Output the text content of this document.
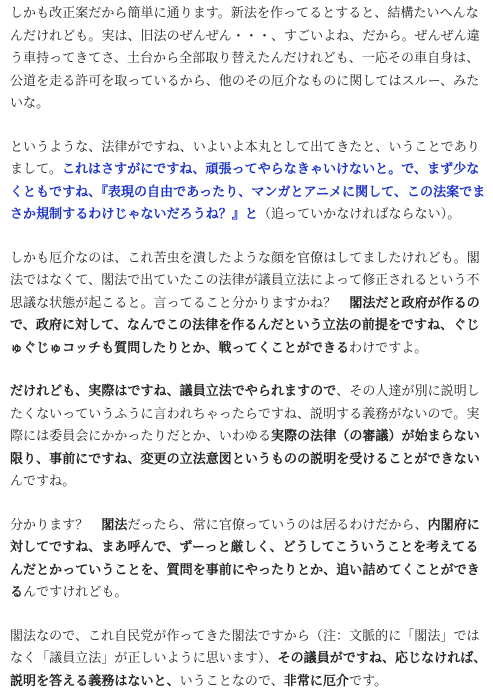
しかも改正案だから簡単に通ります。新法を作ってるとすると、結構たいへんなんだけれども。実は、旧法のぜんぜん・・・、すごいよね、だから。ぜんぜん違う車持ってきてさ、土台から全部取り替えたんだけれども、一応その車自身は、公道を走る許可を取っているから、他のその厄介なものに関してはスルー、みたいな。

というような、法律がですね、いよいよ本丸として出てきたと、いうことでありまして。これはさすがにですね、頑張ってやらなきゃいけないと。で、まず少なくともですね、『表現の自由であったり、マンガとアニメに関して、この法案でまさか規制するわけじゃないだろうね？』と（追っていかなければならない）。

しかも厄介なのは、これ苦虫を潰したような顔を官僚はしてましたけれども。閣法ではなくて、閣法で出ていたこの法律が議員立法によって修正されるという不思議な状態が起こると。言ってること分かりますかね？　閣法だと政府が作るので、政府に対して、なんでこの法律を作るんだという立法の前提をですね、ぐじゅぐじゅコッチも質問したりとか、戦ってくことができるわけですよ。

だけれども、実際はですね、議員立法でやられますので、その人達が別に説明したくないっていうふうに言われちゃったらですね、説明する義務がないので。実際には委員会にかかったりだとか、いわゆる実際の法律（の審議）が始まらない限り、事前にですね、変更の立法意図というものの説明を受けることができないんですね。

分かります？　閣法だったら、常に官僚っていうのは居るわけだから、内閣府に対してですね、まあ呼んで、ずーっと厳しく、どうしてこういうことを考えてるんだとかっていうことを、質問を事前にやったりとか、追い詰めてくことができるんですけれども。

閣法なので、これ自民党が作ってきた閣法ですから（注：文脈的に「閣法」ではなく「議員立法」が正しいように思います）、その議員がですね、応じなければ、説明を答える義務はないと、いうことなので、非常に厄介です。
